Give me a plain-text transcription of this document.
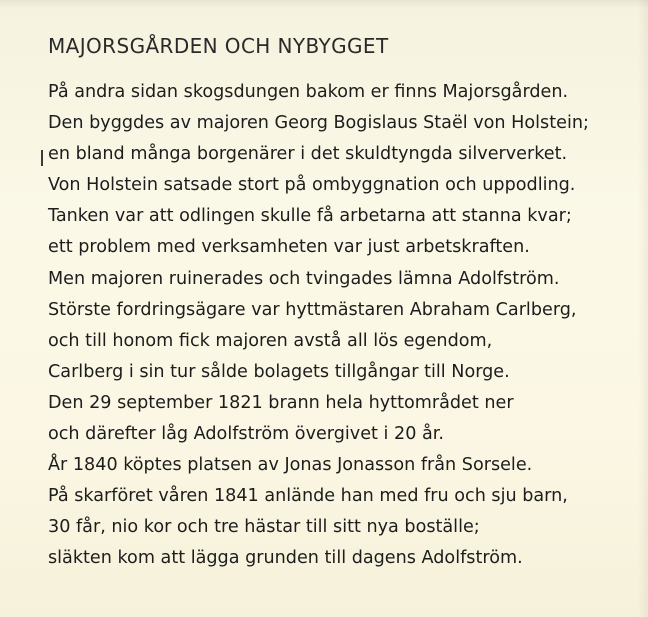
MAJORSGÅRDEN OCH NYBYGGET
På andra sidan skogsdungen bakom er finns Majorsgården.
Den byggdes av majoren Georg Bogislaus Staël von Holstein;
en bland många borgenärer i det skuldtyngda silververket.
Von Holstein satsade stort på ombyggnation och uppodling.
Tanken var att odlingen skulle få arbetarna att stanna kvar;
ett problem med verksamheten var just arbetskraften.
Men majoren ruinerades och tvingades lämna Adolfström.
Störste fordringsägare var hyttmästaren Abraham Carlberg,
och till honom fick majoren avstå all lös egendom,
Carlberg i sin tur sålde bolagets tillgångar till Norge.
Den 29 september 1821 brann hela hyttområdet ner
och därefter låg Adolfström övergivet i 20 år.
År 1840 köptes platsen av Jonas Jonasson från Sorsele.
På skarföret våren 1841 anlände han med fru och sju barn,
30 får, nio kor och tre hästar till sitt nya boställe;
släkten kom att lägga grunden till dagens Adolfström.
